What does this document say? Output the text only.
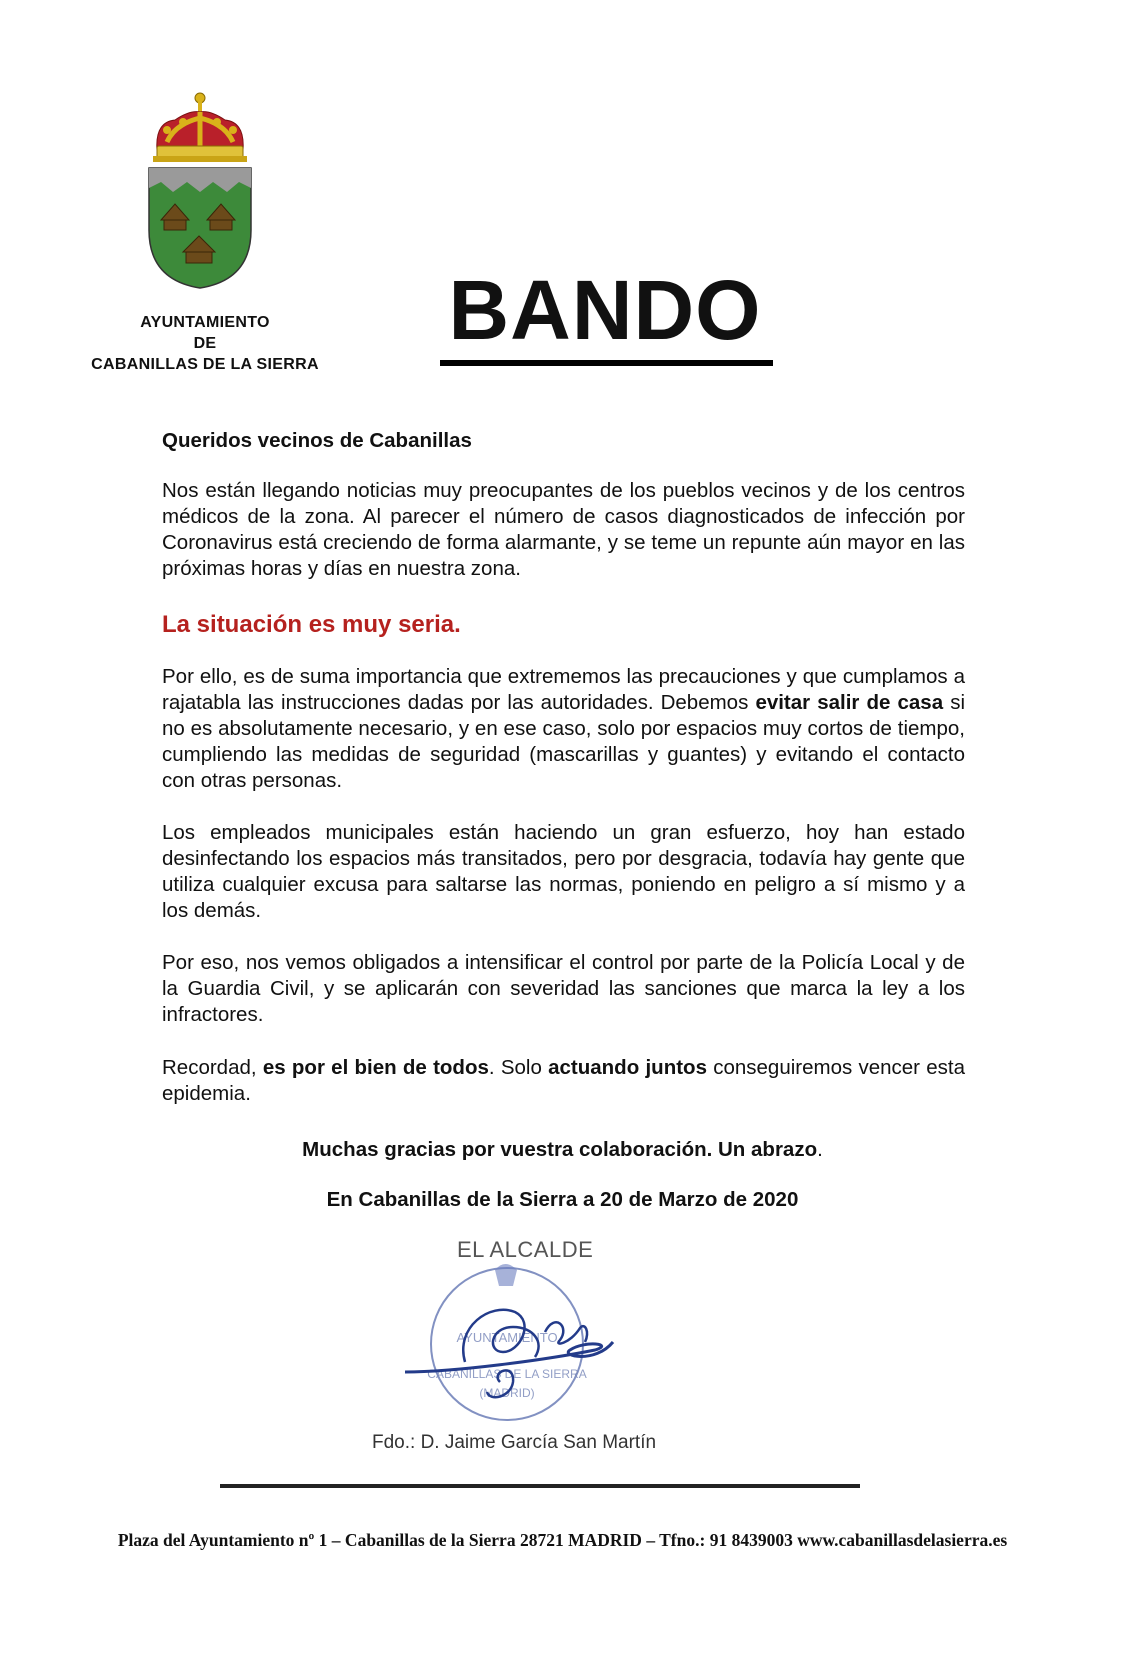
AYUNTAMIENTO
DE
CABANILLAS DE LA SIERRA
BANDO
Queridos vecinos de Cabanillas
Nos están llegando noticias muy preocupantes de los pueblos vecinos y de los centros médicos de la zona. Al parecer el número de casos diagnosticados de infección por Coronavirus está creciendo de forma alarmante, y se teme un repunte aún mayor en las próximas horas y días en nuestra zona.
La situación es muy seria.
Por ello, es de suma importancia que extrememos las precauciones y que cumplamos a rajatabla las instrucciones dadas por las autoridades. Debemos evitar salir de casa si no es absolutamente necesario, y en ese caso, solo por espacios muy cortos de tiempo, cumpliendo las medidas de seguridad (mascarillas y guantes) y evitando el contacto con otras personas.
Los empleados municipales están haciendo un gran esfuerzo, hoy han estado desinfectando los espacios más transitados, pero por desgracia, todavía hay gente que utiliza cualquier excusa para saltarse las normas, poniendo en peligro a sí mismo y a los demás.
Por eso, nos vemos obligados a intensificar el control por parte de la Policía Local y de la Guardia Civil, y se aplicarán con severidad las sanciones que marca la ley a los infractores.
Recordad, es por el bien de todos. Solo actuando juntos conseguiremos vencer esta epidemia.
Muchas gracias por vuestra colaboración. Un abrazo.
En Cabanillas de la Sierra a 20 de Marzo de 2020
EL ALCALDE
AYUNTAMIENTO
CABANILLAS DE LA SIERRA
(MADRID)
Fdo.: D. Jaime García San Martín
Plaza del Ayuntamiento nº 1 – Cabanillas de la Sierra 28721 MADRID – Tfno.: 91 8439003 www.cabanillasdelasierra.es
